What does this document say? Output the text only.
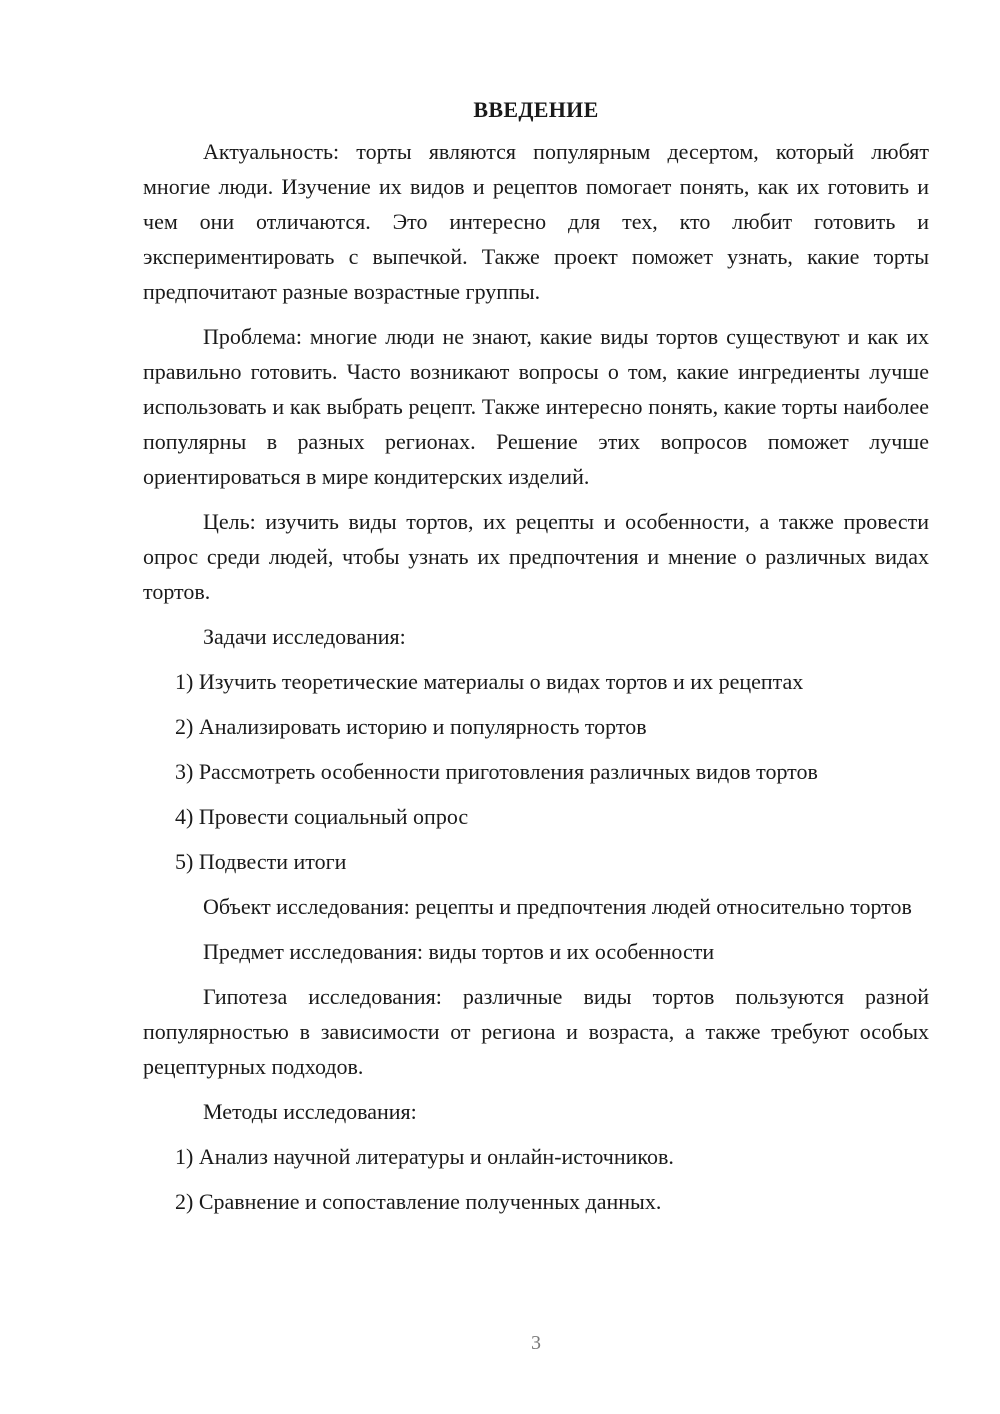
ВВЕДЕНИЕ

Актуальность: торты являются популярным десертом, который любят многие люди. Изучение их видов и рецептов помогает понять, как их готовить и чем они отличаются. Это интересно для тех, кто любит готовить и экспериментировать с выпечкой. Также проект поможет узнать, какие торты предпочитают разные возрастные группы.

Проблема: многие люди не знают, какие виды тортов существуют и как их правильно готовить. Часто возникают вопросы о том, какие ингредиенты лучше использовать и как выбрать рецепт. Также интересно понять, какие торты наиболее популярны в разных регионах. Решение этих вопросов поможет лучше ориентироваться в мире кондитерских изделий.

Цель: изучить виды тортов, их рецепты и особенности, а также провести опрос среди людей, чтобы узнать их предпочтения и мнение о различных видах тортов.

Задачи исследования:

1) Изучить теоретические материалы о видах тортов и их рецептах
2) Анализировать историю и популярность тортов
3) Рассмотреть особенности приготовления различных видов тортов
4) Провести социальный опрос
5) Подвести итоги

Объект исследования: рецепты и предпочтения людей относительно тортов

Предмет исследования: виды тортов и их особенности

Гипотеза исследования: различные виды тортов пользуются разной популярностью в зависимости от региона и возраста, а также требуют особых рецептурных подходов.

Методы исследования:

1) Анализ научной литературы и онлайн-источников.
2) Сравнение и сопоставление полученных данных.
3
